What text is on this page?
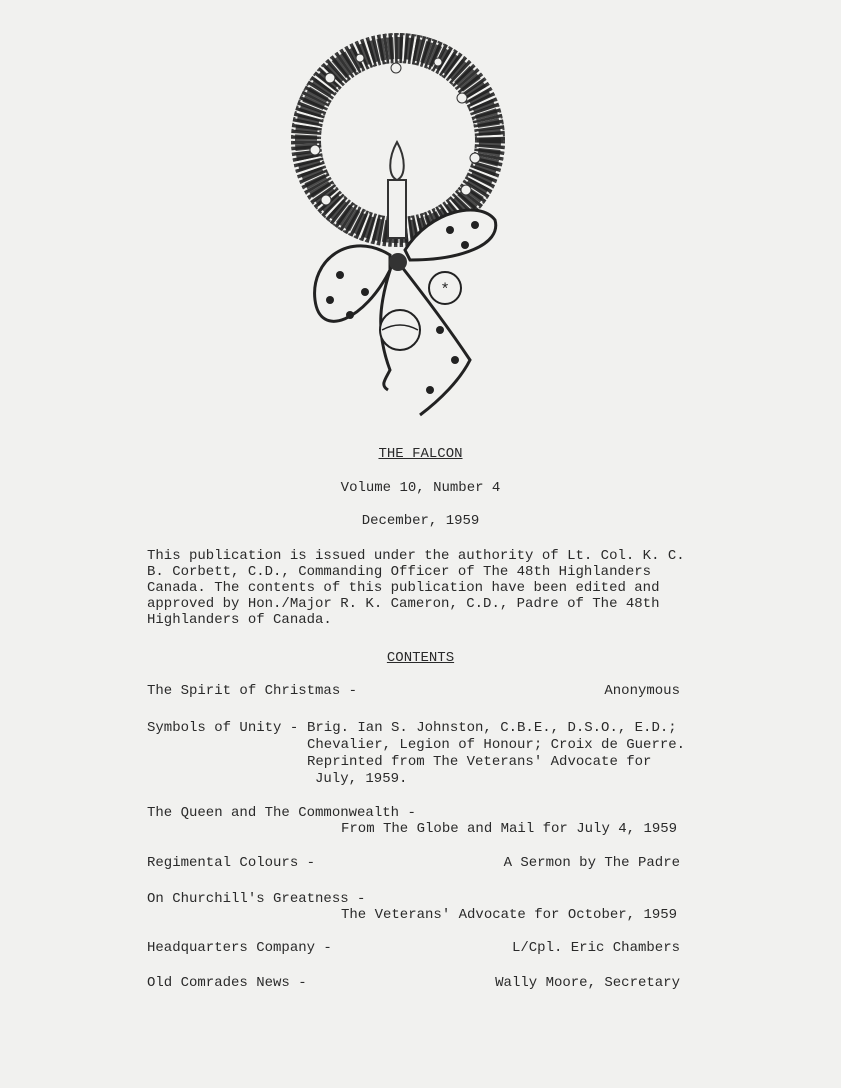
*
THE FALCON
Volume 10, Number 4
December, 1959
This publication is issued under the authority of Lt. Col. K. C.
B. Corbett, C.D., Commanding Officer of The 48th Highlanders
Canada. The contents of this publication have been edited and
approved by Hon./Major R. K. Cameron, C.D., Padre of The 48th
Highlanders of Canada.
CONTENTS
The Spirit of Christmas -	Anonymous
Symbols of Unity - Brig. Ian S. Johnston, C.B.E., D.S.O., E.D.;
Chevalier, Legion of Honour; Croix de Guerre.
Reprinted from The Veterans' Advocate for
July, 1959.
The Queen and The Commonwealth -
From The Globe and Mail for July 4, 1959
Regimental Colours -	A Sermon by The Padre
On Churchill's Greatness -
The Veterans' Advocate for October, 1959
Headquarters Company -	L/Cpl. Eric Chambers
Old Comrades News -	Wally Moore, Secretary
